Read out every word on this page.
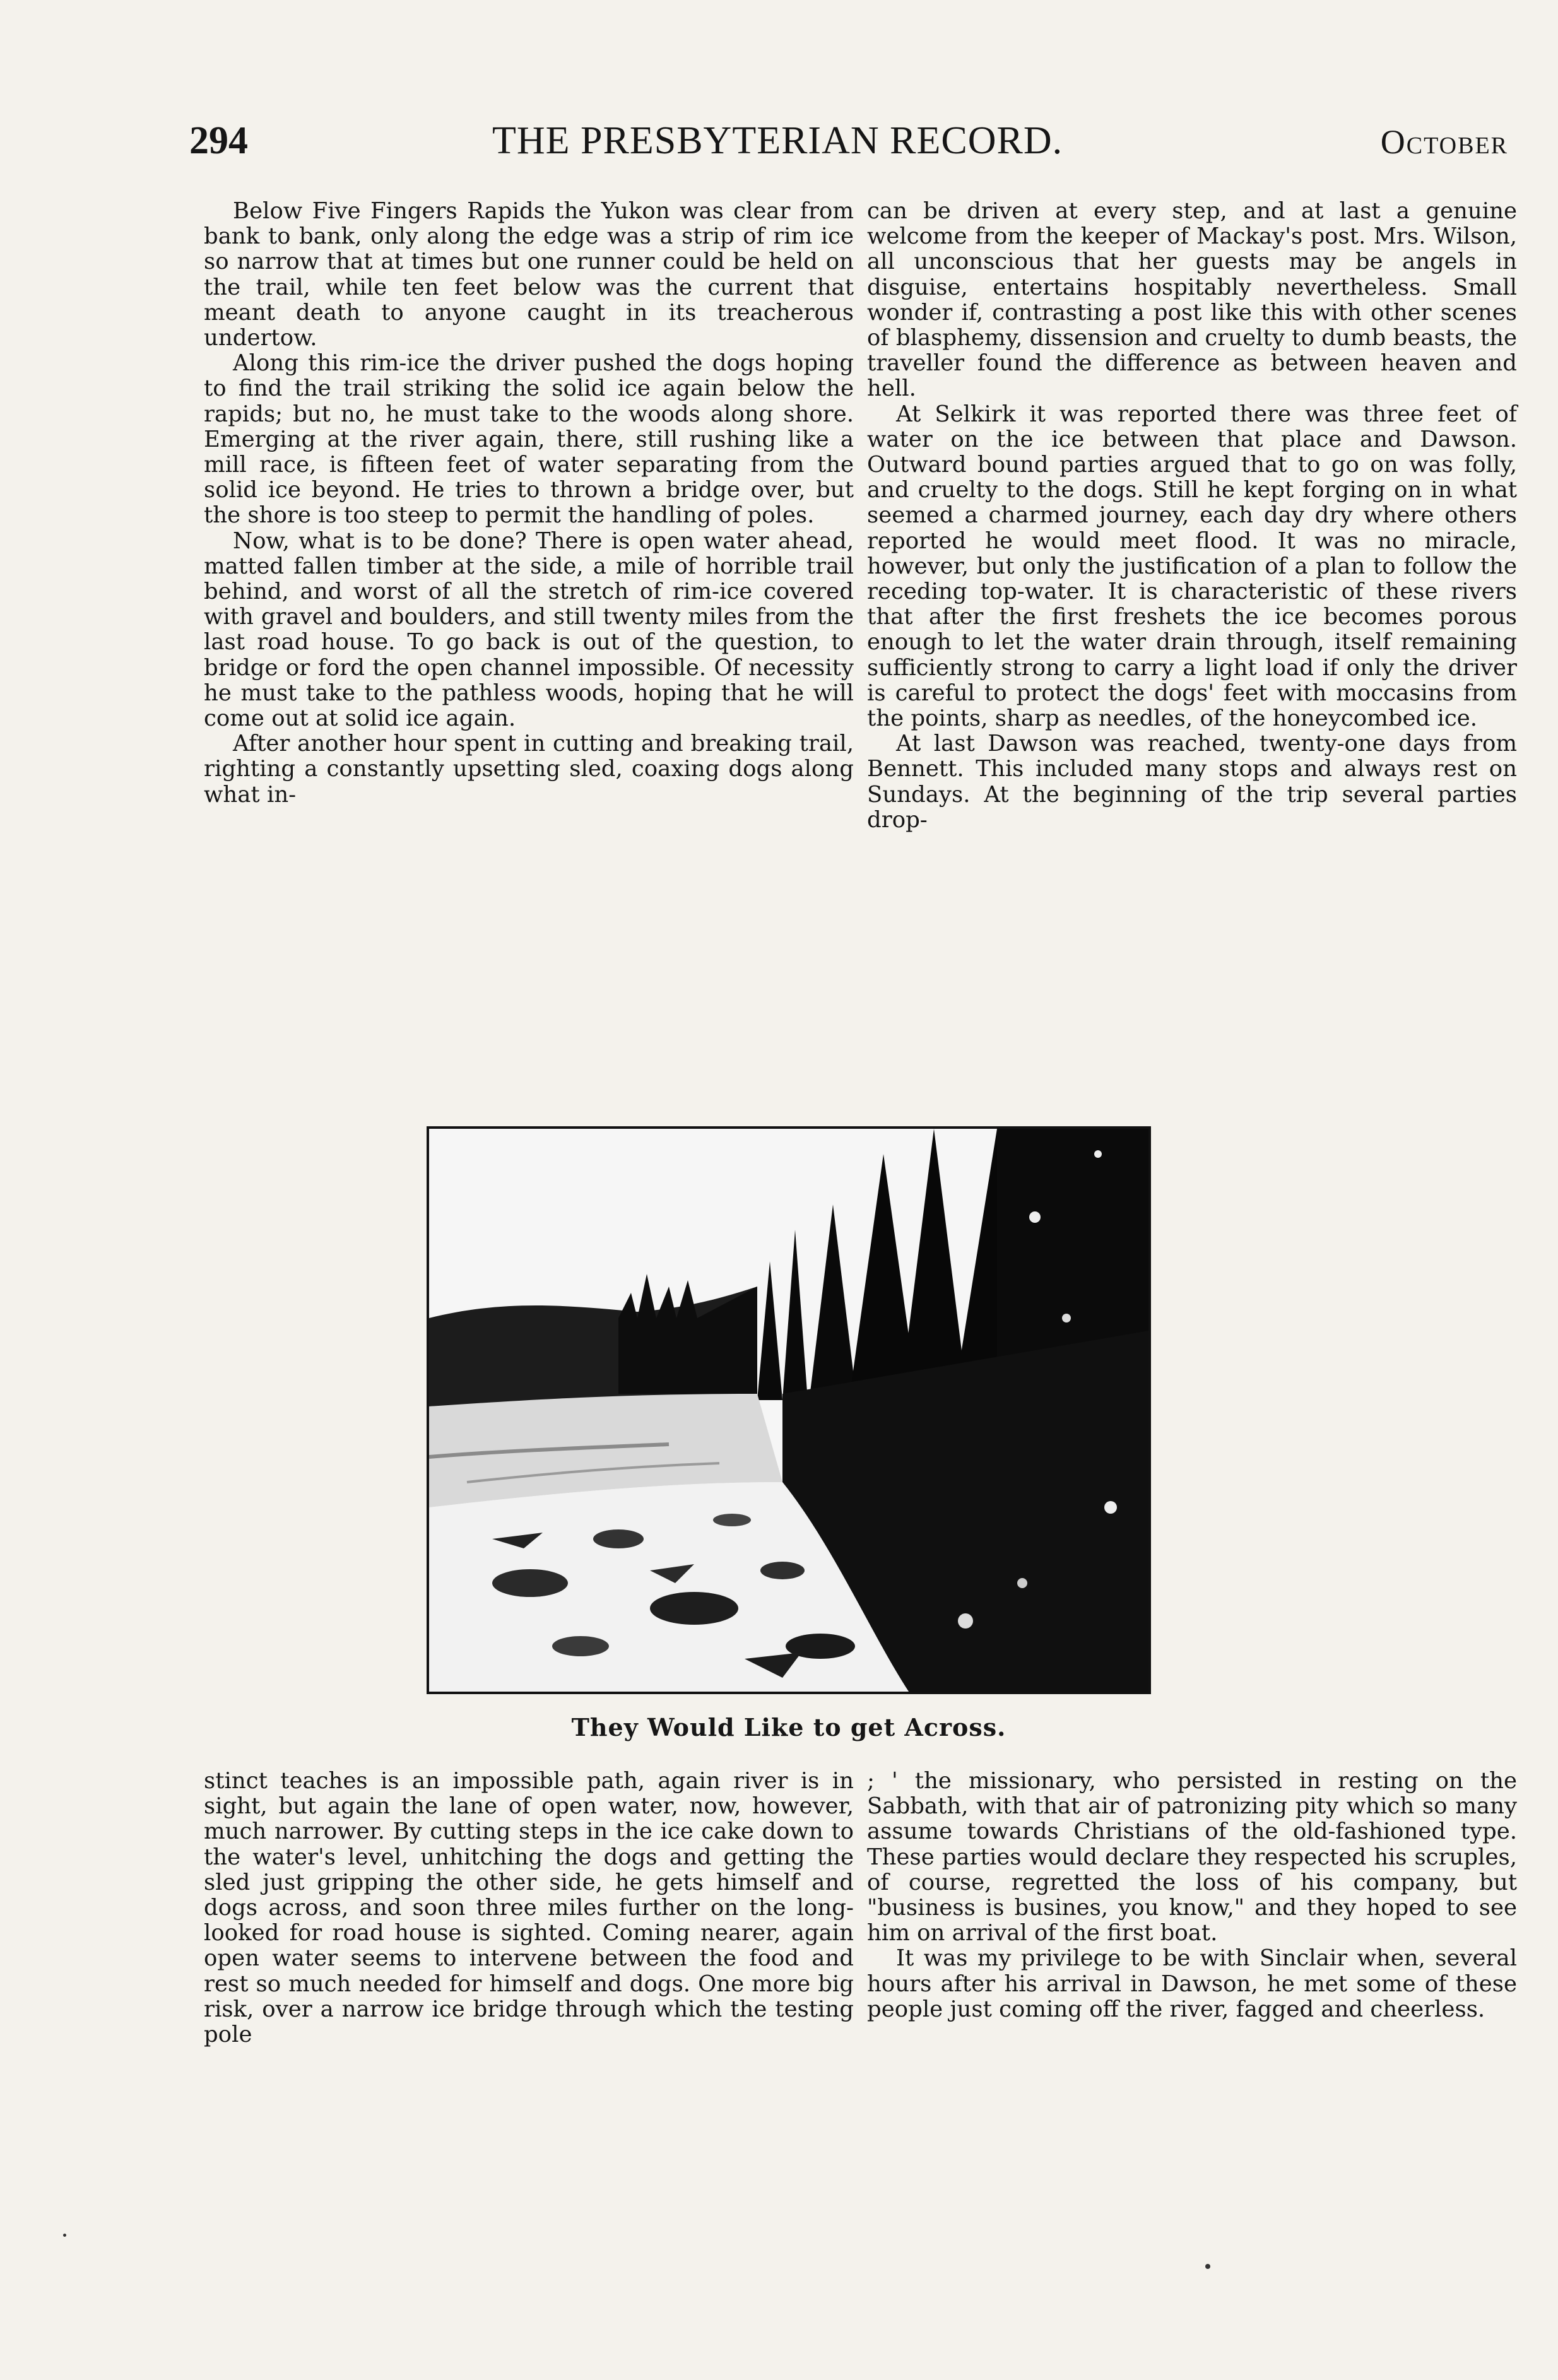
294	THE PRESBYTERIAN RECORD.	October

Below Five Fingers Rapids the Yukon was clear from bank to bank, only along the edge was a strip of rim ice so narrow that at times but one runner could be held on the trail, while ten feet below was the current that meant death to anyone caught in its treacherous undertow.

Along this rim-ice the driver pushed the dogs hoping to find the trail striking the solid ice again below the rapids; but no, he must take to the woods along shore. Emerging at the river again, there, still rushing like a mill race, is fifteen feet of water separating from the solid ice beyond. He tries to thrown a bridge over, but the shore is too steep to permit the handling of poles.

Now, what is to be done? There is open water ahead, matted fallen timber at the side, a mile of horrible trail behind, and worst of all the stretch of rim-ice covered with gravel and boulders, and still twenty miles from the last road house. To go back is out of the question, to bridge or ford the open channel impossible. Of necessity he must take to the pathless woods, hoping that he will come out at solid ice again.

After another hour spent in cutting and breaking trail, righting a constantly upsetting sled, coaxing dogs along what in-

can be driven at every step, and at last a genuine welcome from the keeper of Mackay's post. Mrs. Wilson, all unconscious that her guests may be angels in disguise, entertains hospitably nevertheless. Small wonder if, contrasting a post like this with other scenes of blasphemy, dissension and cruelty to dumb beasts, the traveller found the difference as between heaven and hell.

At Selkirk it was reported there was three feet of water on the ice between that place and Dawson. Outward bound parties argued that to go on was folly, and cruelty to the dogs. Still he kept forging on in what seemed a charmed journey, each day dry where others reported he would meet flood. It was no miracle, however, but only the justification of a plan to follow the receding top-water. It is characteristic of these rivers that after the first freshets the ice becomes porous enough to let the water drain through, itself remaining sufficiently strong to carry a light load if only the driver is careful to protect the dogs' feet with moccasins from the points, sharp as needles, of the honeycombed ice.

At last Dawson was reached, twenty-one days from Bennett. This included many stops and always rest on Sundays. At the beginning of the trip several parties drop-

They Would Like to get Across.

stinct teaches is an impossible path, again river is in sight, but again the lane of open water, now, however, much narrower. By cutting steps in the ice cake down to the water's level, unhitching the dogs and getting the sled just gripping the other side, he gets himself and dogs across, and soon three miles further on the long-looked for road house is sighted. Coming nearer, again open water seems to intervene between the food and rest so much needed for himself and dogs. One more big risk, over a narrow ice bridge through which the testing pole

; ' the missionary, who persisted in resting on the Sabbath, with that air of patronizing pity which so many assume towards Christians of the old-fashioned type. These parties would declare they respected his scruples, of course, regretted the loss of his company, but "business is busines, you know," and they hoped to see him on arrival of the first boat.

It was my privilege to be with Sinclair when, several hours after his arrival in Dawson, he met some of these people just coming off the river, fagged and cheerless.
